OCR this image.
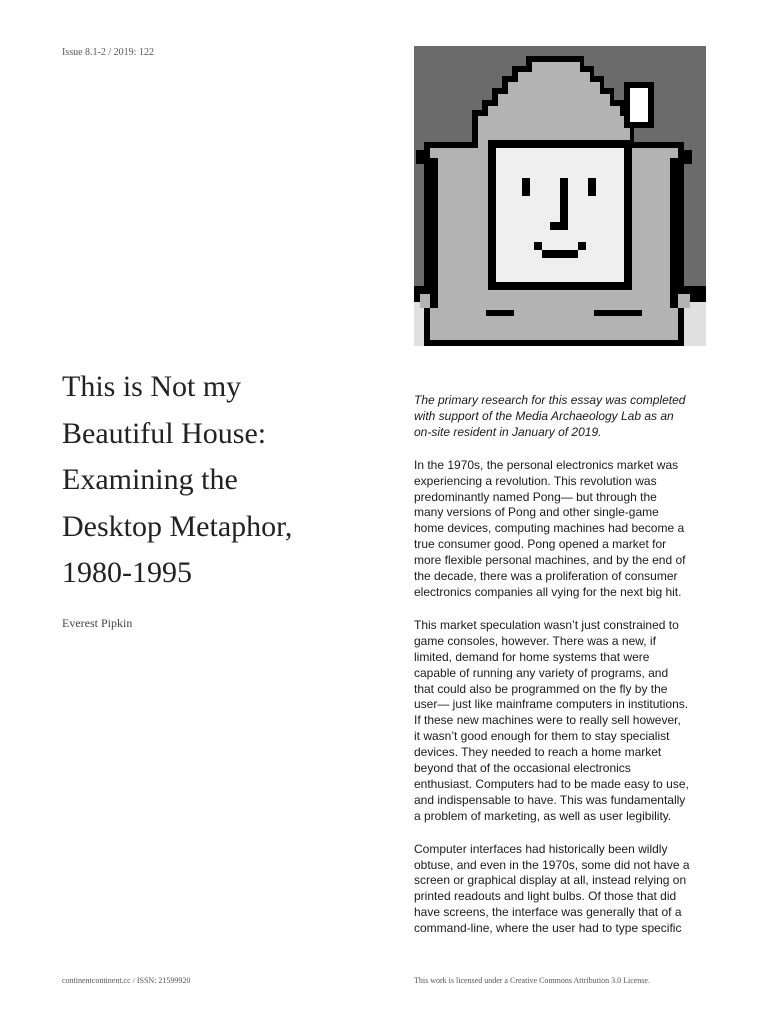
Issue 8.1-2 / 2019: 122
This is Not my
Beautiful House:
Examining the
Desktop Metaphor,
1980-1995
Everest Pipkin

The primary research for this essay was completed
with support of the Media Archaeology Lab as an
on-site resident in January of 2019.

In the 1970s, the personal electronics market was
experiencing a revolution. This revolution was
predominantly named Pong— but through the
many versions of Pong and other single-game
home devices, computing machines had become a
true consumer good. Pong opened a market for
more flexible personal machines, and by the end of
the decade, there was a proliferation of consumer
electronics companies all vying for the next big hit.

This market speculation wasn’t just constrained to
game consoles, however. There was a new, if
limited, demand for home systems that were
capable of running any variety of programs, and
that could also be programmed on the fly by the
user— just like mainframe computers in institutions.
If these new machines were to really sell however,
it wasn’t good enough for them to stay specialist
devices. They needed to reach a home market
beyond that of the occasional electronics
enthusiast. Computers had to be made easy to use,
and indispensable to have. This was fundamentally
a problem of marketing, as well as user legibility.

Computer interfaces had historically been wildly
obtuse, and even in the 1970s, some did not have a
screen or graphical display at all, instead relying on
printed readouts and light bulbs. Of those that did
have screens, the interface was generally that of a
command-line, where the user had to type specific

continentcontinent.cc / ISSN: 21599920	This work is licensed under a Creative Commons Attribution 3.0 License.
